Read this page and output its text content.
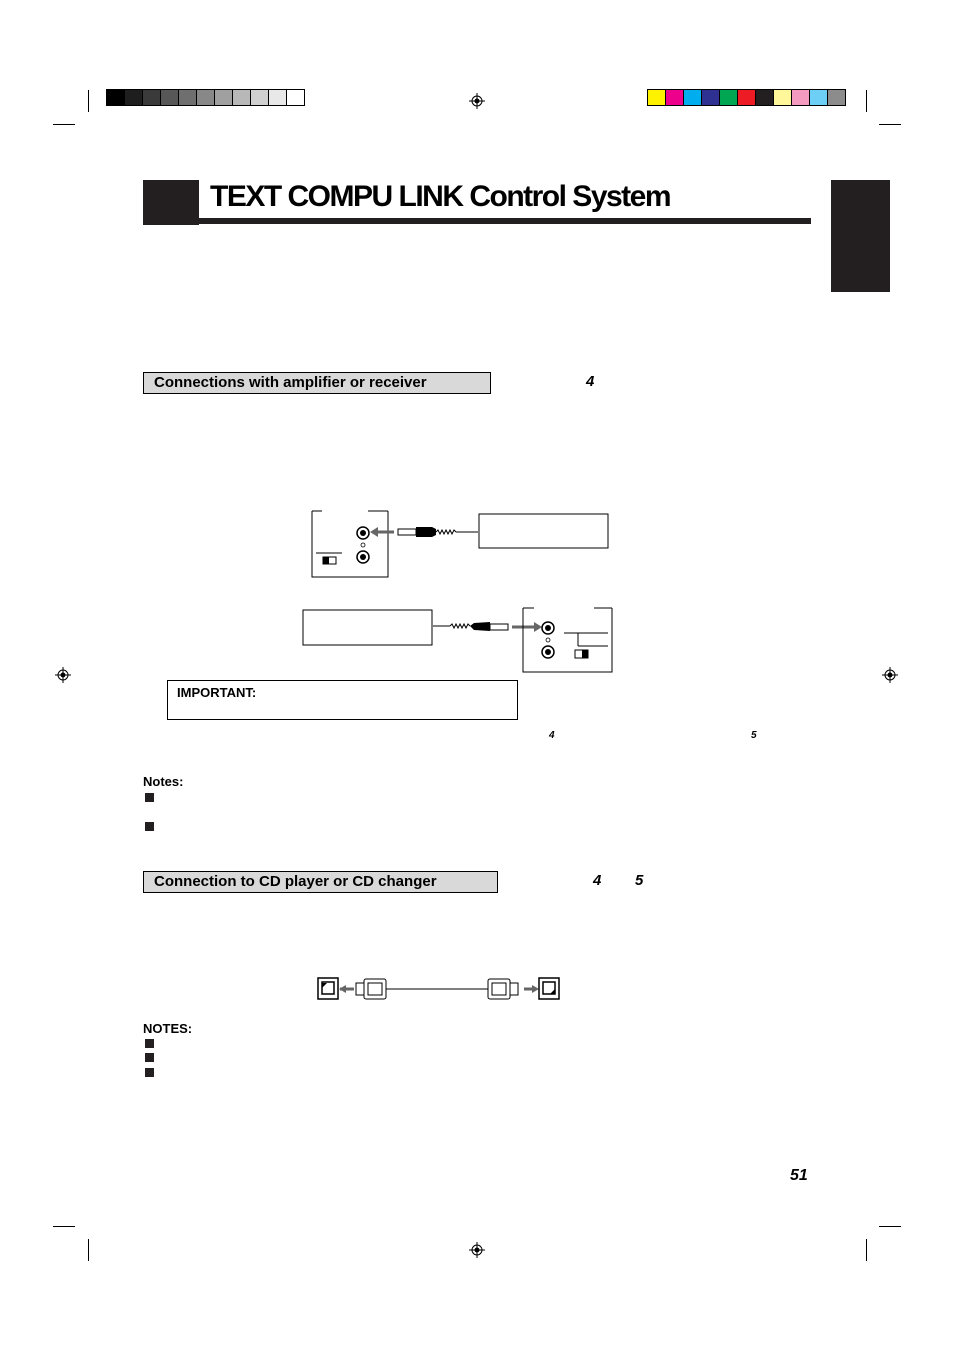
TEXT COMPU LINK Control System
Connections with amplifier or receiver	4
IMPORTANT:
4	5
Notes:
Connection to CD player or CD changer	4 5
NOTES:
51
